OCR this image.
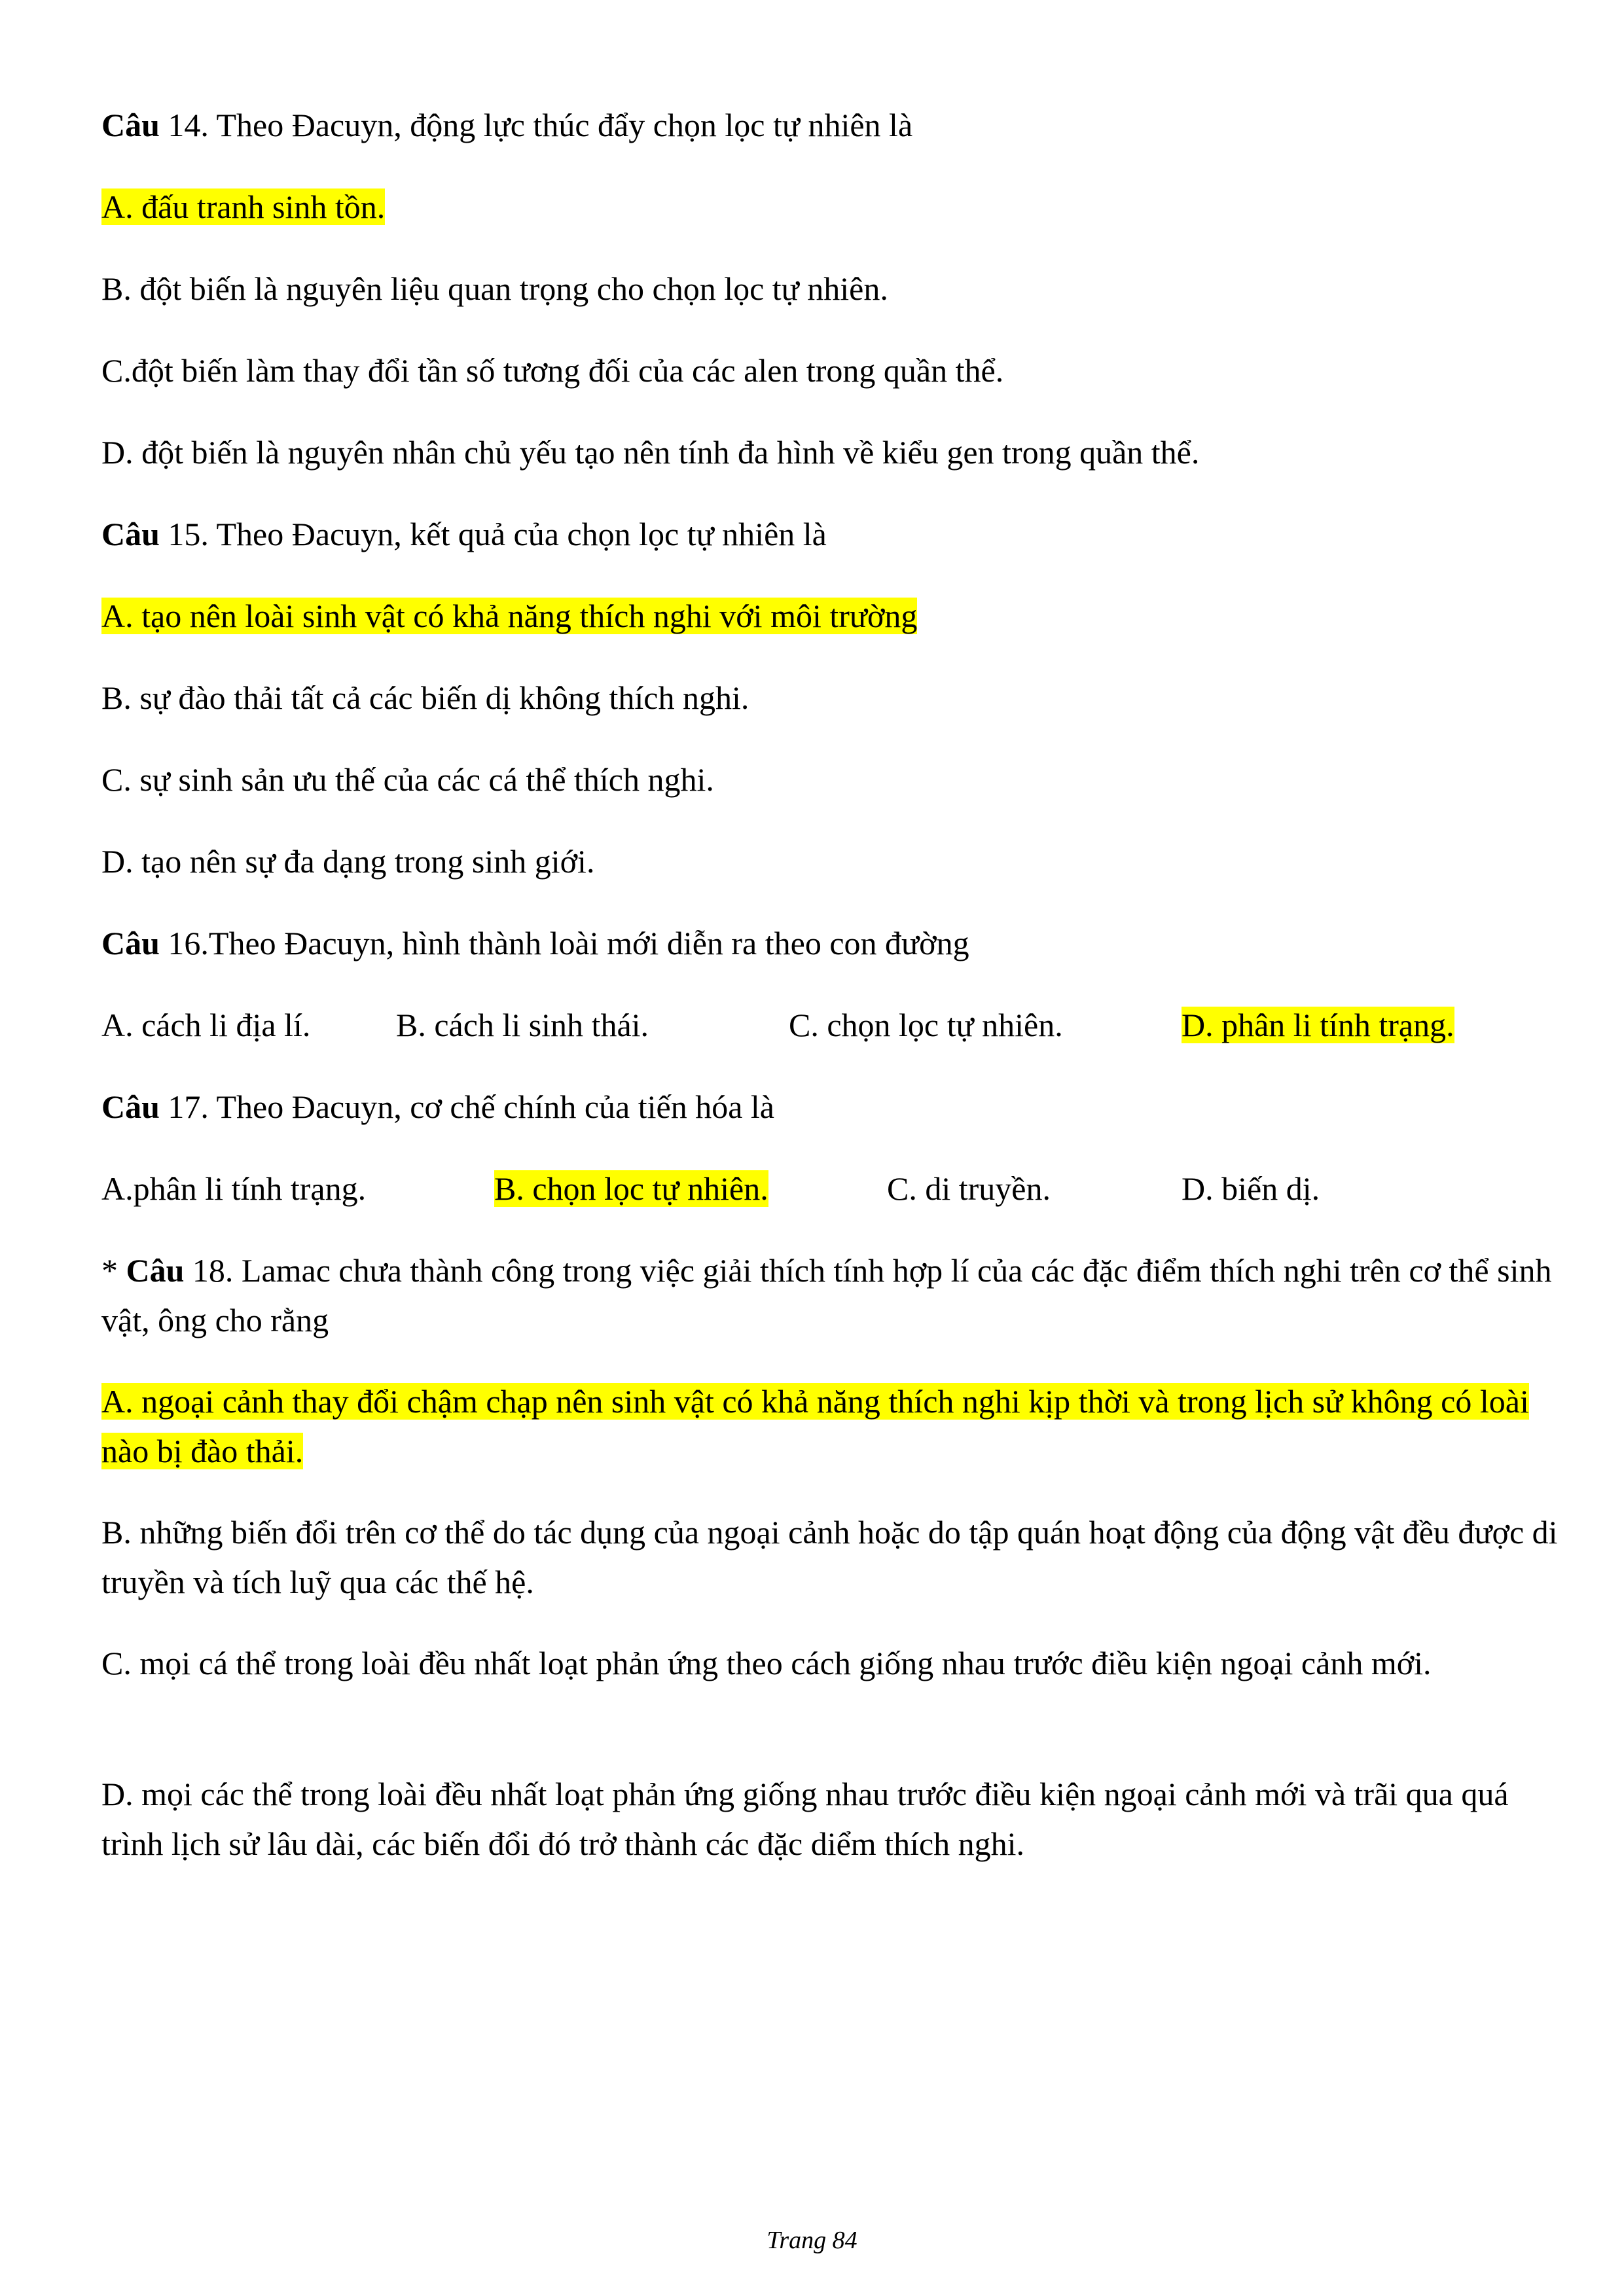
Câu 14. Theo Đacuyn, động lực thúc đẩy chọn lọc tự nhiên là
A. đấu tranh sinh tồn.
B. đột biến là nguyên liệu quan trọng cho chọn lọc tự nhiên.
C.đột biến làm thay đổi tần số tương đối của các alen trong quần thể.
D. đột biến là nguyên nhân chủ yếu tạo nên tính đa hình về kiểu gen trong quần thể.
Câu 15. Theo Đacuyn, kết quả của chọn lọc tự nhiên là
A. tạo nên loài sinh vật có khả năng thích nghi với môi trường
B. sự đào thải tất cả các biến dị không thích nghi.
C. sự sinh sản ưu thế của các cá thể thích nghi.
D. tạo nên sự đa dạng trong sinh giới.
Câu 16.Theo Đacuyn, hình thành loài mới diễn ra theo con đường
A. cách li địa lí.	B. cách li sinh thái.	C. chọn lọc tự nhiên.	D. phân li tính trạng.
Câu 17. Theo Đacuyn, cơ chế chính của tiến hóa là
A.phân li tính trạng.	B. chọn lọc tự nhiên.	C. di truyền.	D. biến dị.
* Câu 18. Lamac chưa thành công trong việc giải thích tính hợp lí của các đặc điểm thích nghi trên cơ thể sinh vật, ông cho rằng
A. ngoại cảnh thay đổi chậm chạp nên sinh vật có khả năng thích nghi kịp thời và trong lịch sử không có loài nào bị đào thải.
B. những biến đổi trên cơ thể do tác dụng của ngoại cảnh hoặc do tập quán hoạt động của động vật đều được di truyền và tích luỹ qua các thế hệ.
C. mọi cá thể trong loài đều nhất loạt phản ứng theo cách giống nhau trước điều kiện ngoại cảnh mới.
D. mọi các thể trong loài đều nhất loạt phản ứng giống nhau trước điều kiện ngoại cảnh mới và trãi qua quá trình lịch sử lâu dài, các biến đổi đó trở thành các đặc diểm thích nghi.
Trang 84
